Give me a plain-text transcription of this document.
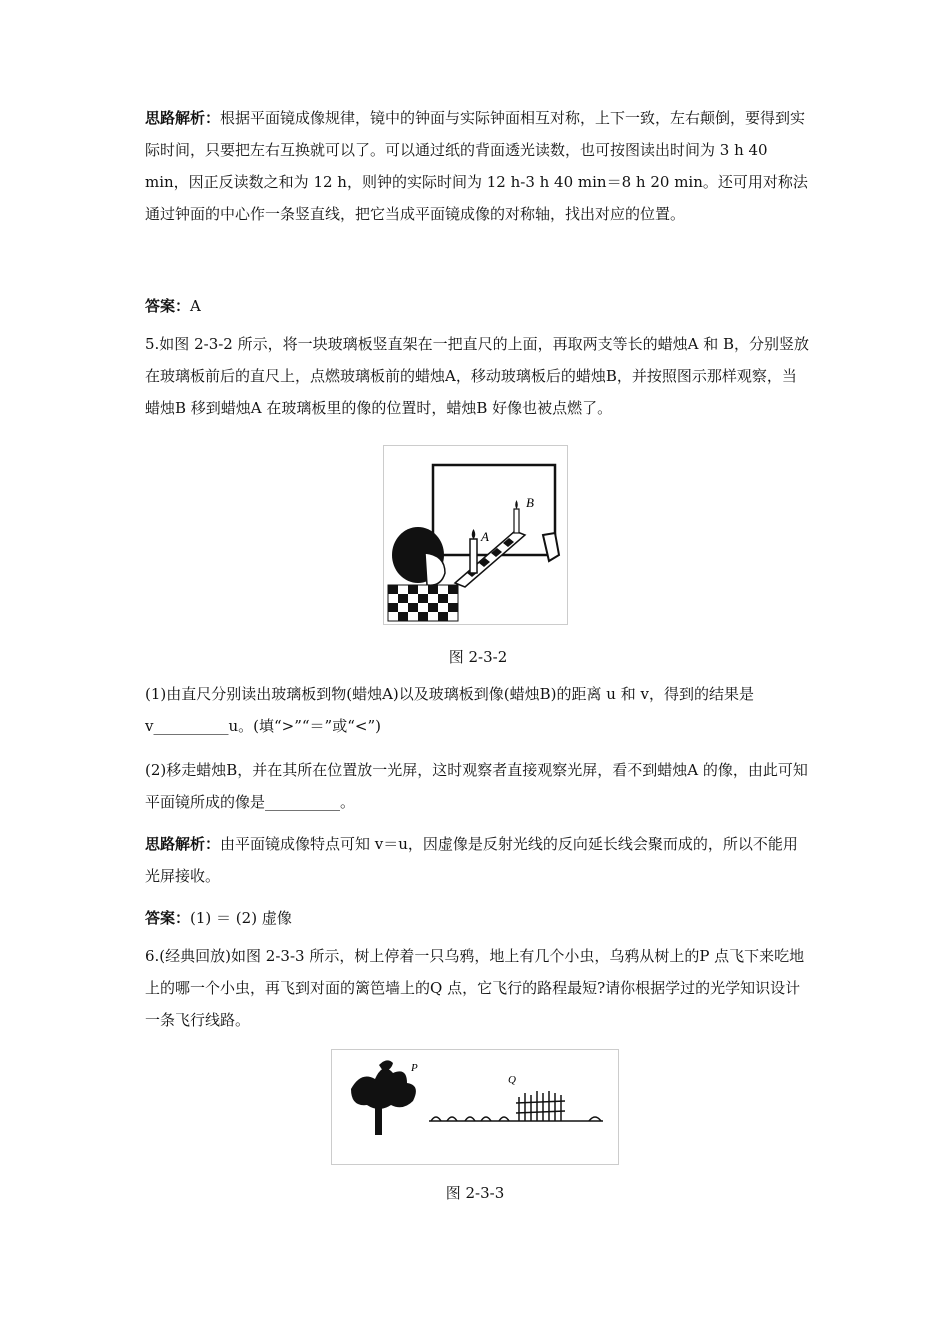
思路解析：根据平面镜成像规律，镜中的钟面与实际钟面相互对称，上下一致，左右颠倒，要得到实际时间，只要把左右互换就可以了。可以通过纸的背面透光读数，也可按图读出时间为 3 h 40 min，因正反读数之和为 12 h，则钟的实际时间为 12 h-3 h 40 min＝8 h 20 min。还可用对称法通过钟面的中心作一条竖直线，把它当成平面镜成像的对称轴，找出对应的位置。

答案：A

5.如图 2-3-2 所示，将一块玻璃板竖直架在一把直尺的上面，再取两支等长的蜡烛A 和 B，分别竖放在玻璃板前后的直尺上，点燃玻璃板前的蜡烛A，移动玻璃板后的蜡烛B，并按照图示那样观察，当蜡烛B 移到蜡烛A 在玻璃板里的像的位置时，蜡烛B 好像也被点燃了。

A
B
图 2-3-2

(1)由直尺分别读出玻璃板到物(蜡烛A)以及玻璃板到像(蜡烛B)的距离 u 和 v，得到的结果是 v__________u。(填“>”“＝”或“<”)

(2)移走蜡烛B，并在其所在位置放一光屏，这时观察者直接观察光屏，看不到蜡烛A 的像，由此可知平面镜所成的像是__________。

思路解析：由平面镜成像特点可知 v＝u，因虚像是反射光线的反向延长线会聚而成的，所以不能用光屏接收。

答案：(1) ＝ (2) 虚像

6.(经典回放)如图 2-3-3 所示，树上停着一只乌鸦，地上有几个小虫，乌鸦从树上的P 点飞下来吃地上的哪一个小虫，再飞到对面的篱笆墙上的Q 点，它飞行的路程最短?请你根据学过的光学知识设计一条飞行线路。

P
Q
图 2-3-3
